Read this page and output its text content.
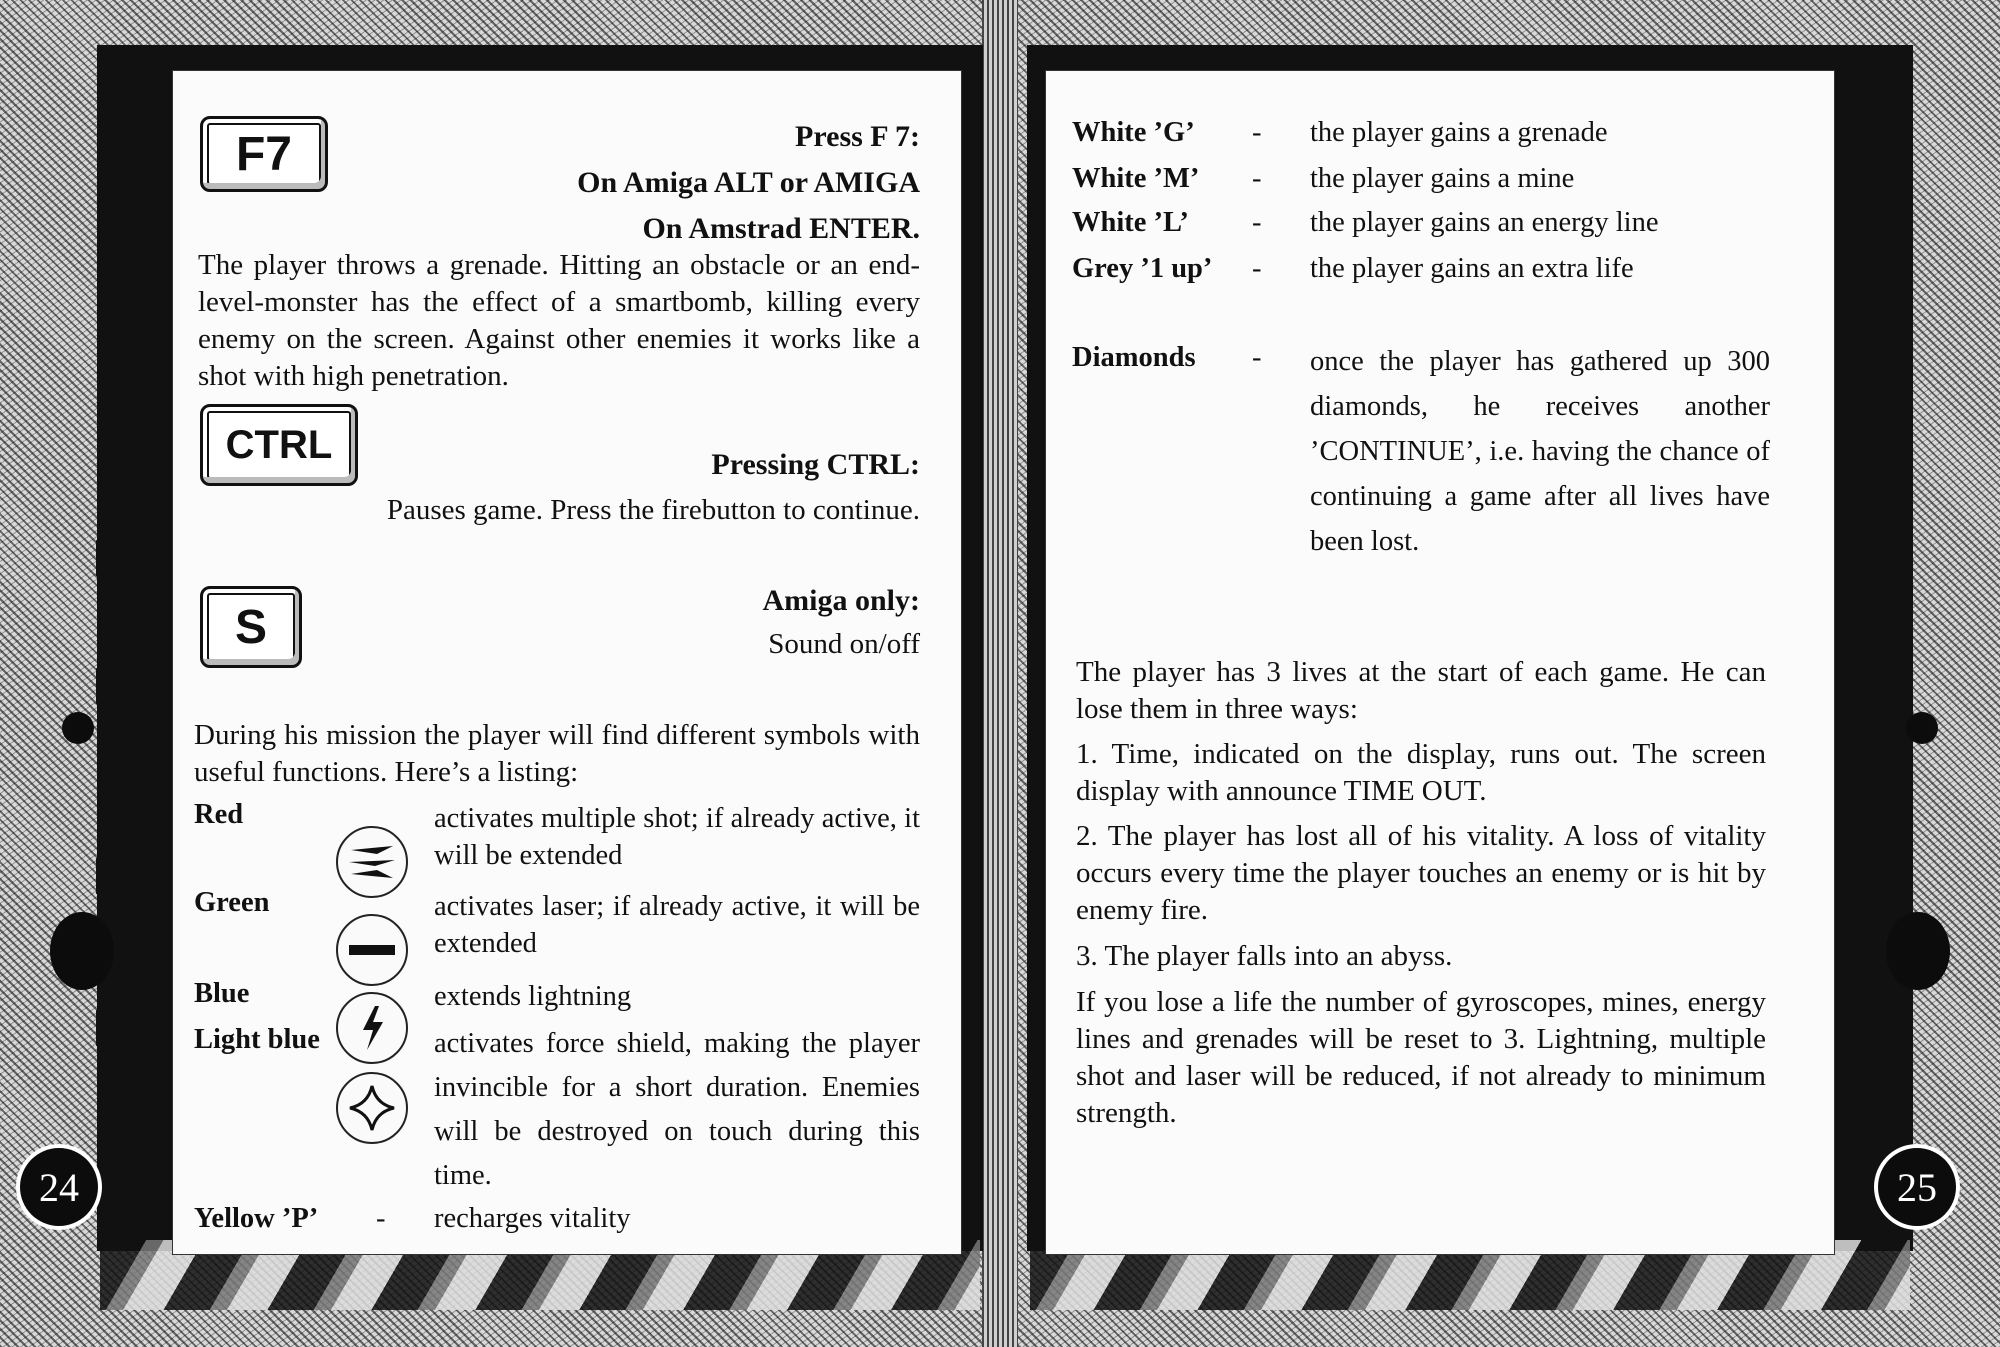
F7	Press F 7:
On Amiga ALT or AMIGA
On Amstrad ENTER.
The player throws a grenade. Hitting an obstacle or an end-level-monster has the effect of a smartbomb, killing every enemy on the screen. Against other enemies it works like a shot with high penetration.
CTRL	Pressing CTRL:
Pauses game. Press the firebutton to continue.
S	Amiga only:
Sound on/off
During his mission the player will find different symbols with useful functions. Here’s a listing:
Red	activates multiple shot; if already active, it will be extended
Green	activates laser; if already active, it will be extended
Blue	extends lightning
Light blue	activates force shield, making the player invincible for a short duration. Enemies will be destroyed on touch during this time.
Yellow ’P’ - recharges vitality
24
White ’G’ - the player gains a grenade
White ’M’ - the player gains a mine
White ’L’ - the player gains an energy line
Grey ’1 up’ - the player gains an extra life
Diamonds - once the player has gathered up 300 diamonds, he receives another ’CONTINUE’, i.e. having the chance of continuing a game after all lives have been lost.
The player has 3 lives at the start of each game. He can lose them in three ways:
1. Time, indicated on the display, runs out. The screen display with announce TIME OUT.
2. The player has lost all of his vitality. A loss of vitality occurs every time the player touches an enemy or is hit by enemy fire.
3. The player falls into an abyss.
If you lose a life the number of gyroscopes, mines, energy lines and grenades will be reset to 3. Lightning, multiple shot and laser will be reduced, if not already to minimum strength.
25
